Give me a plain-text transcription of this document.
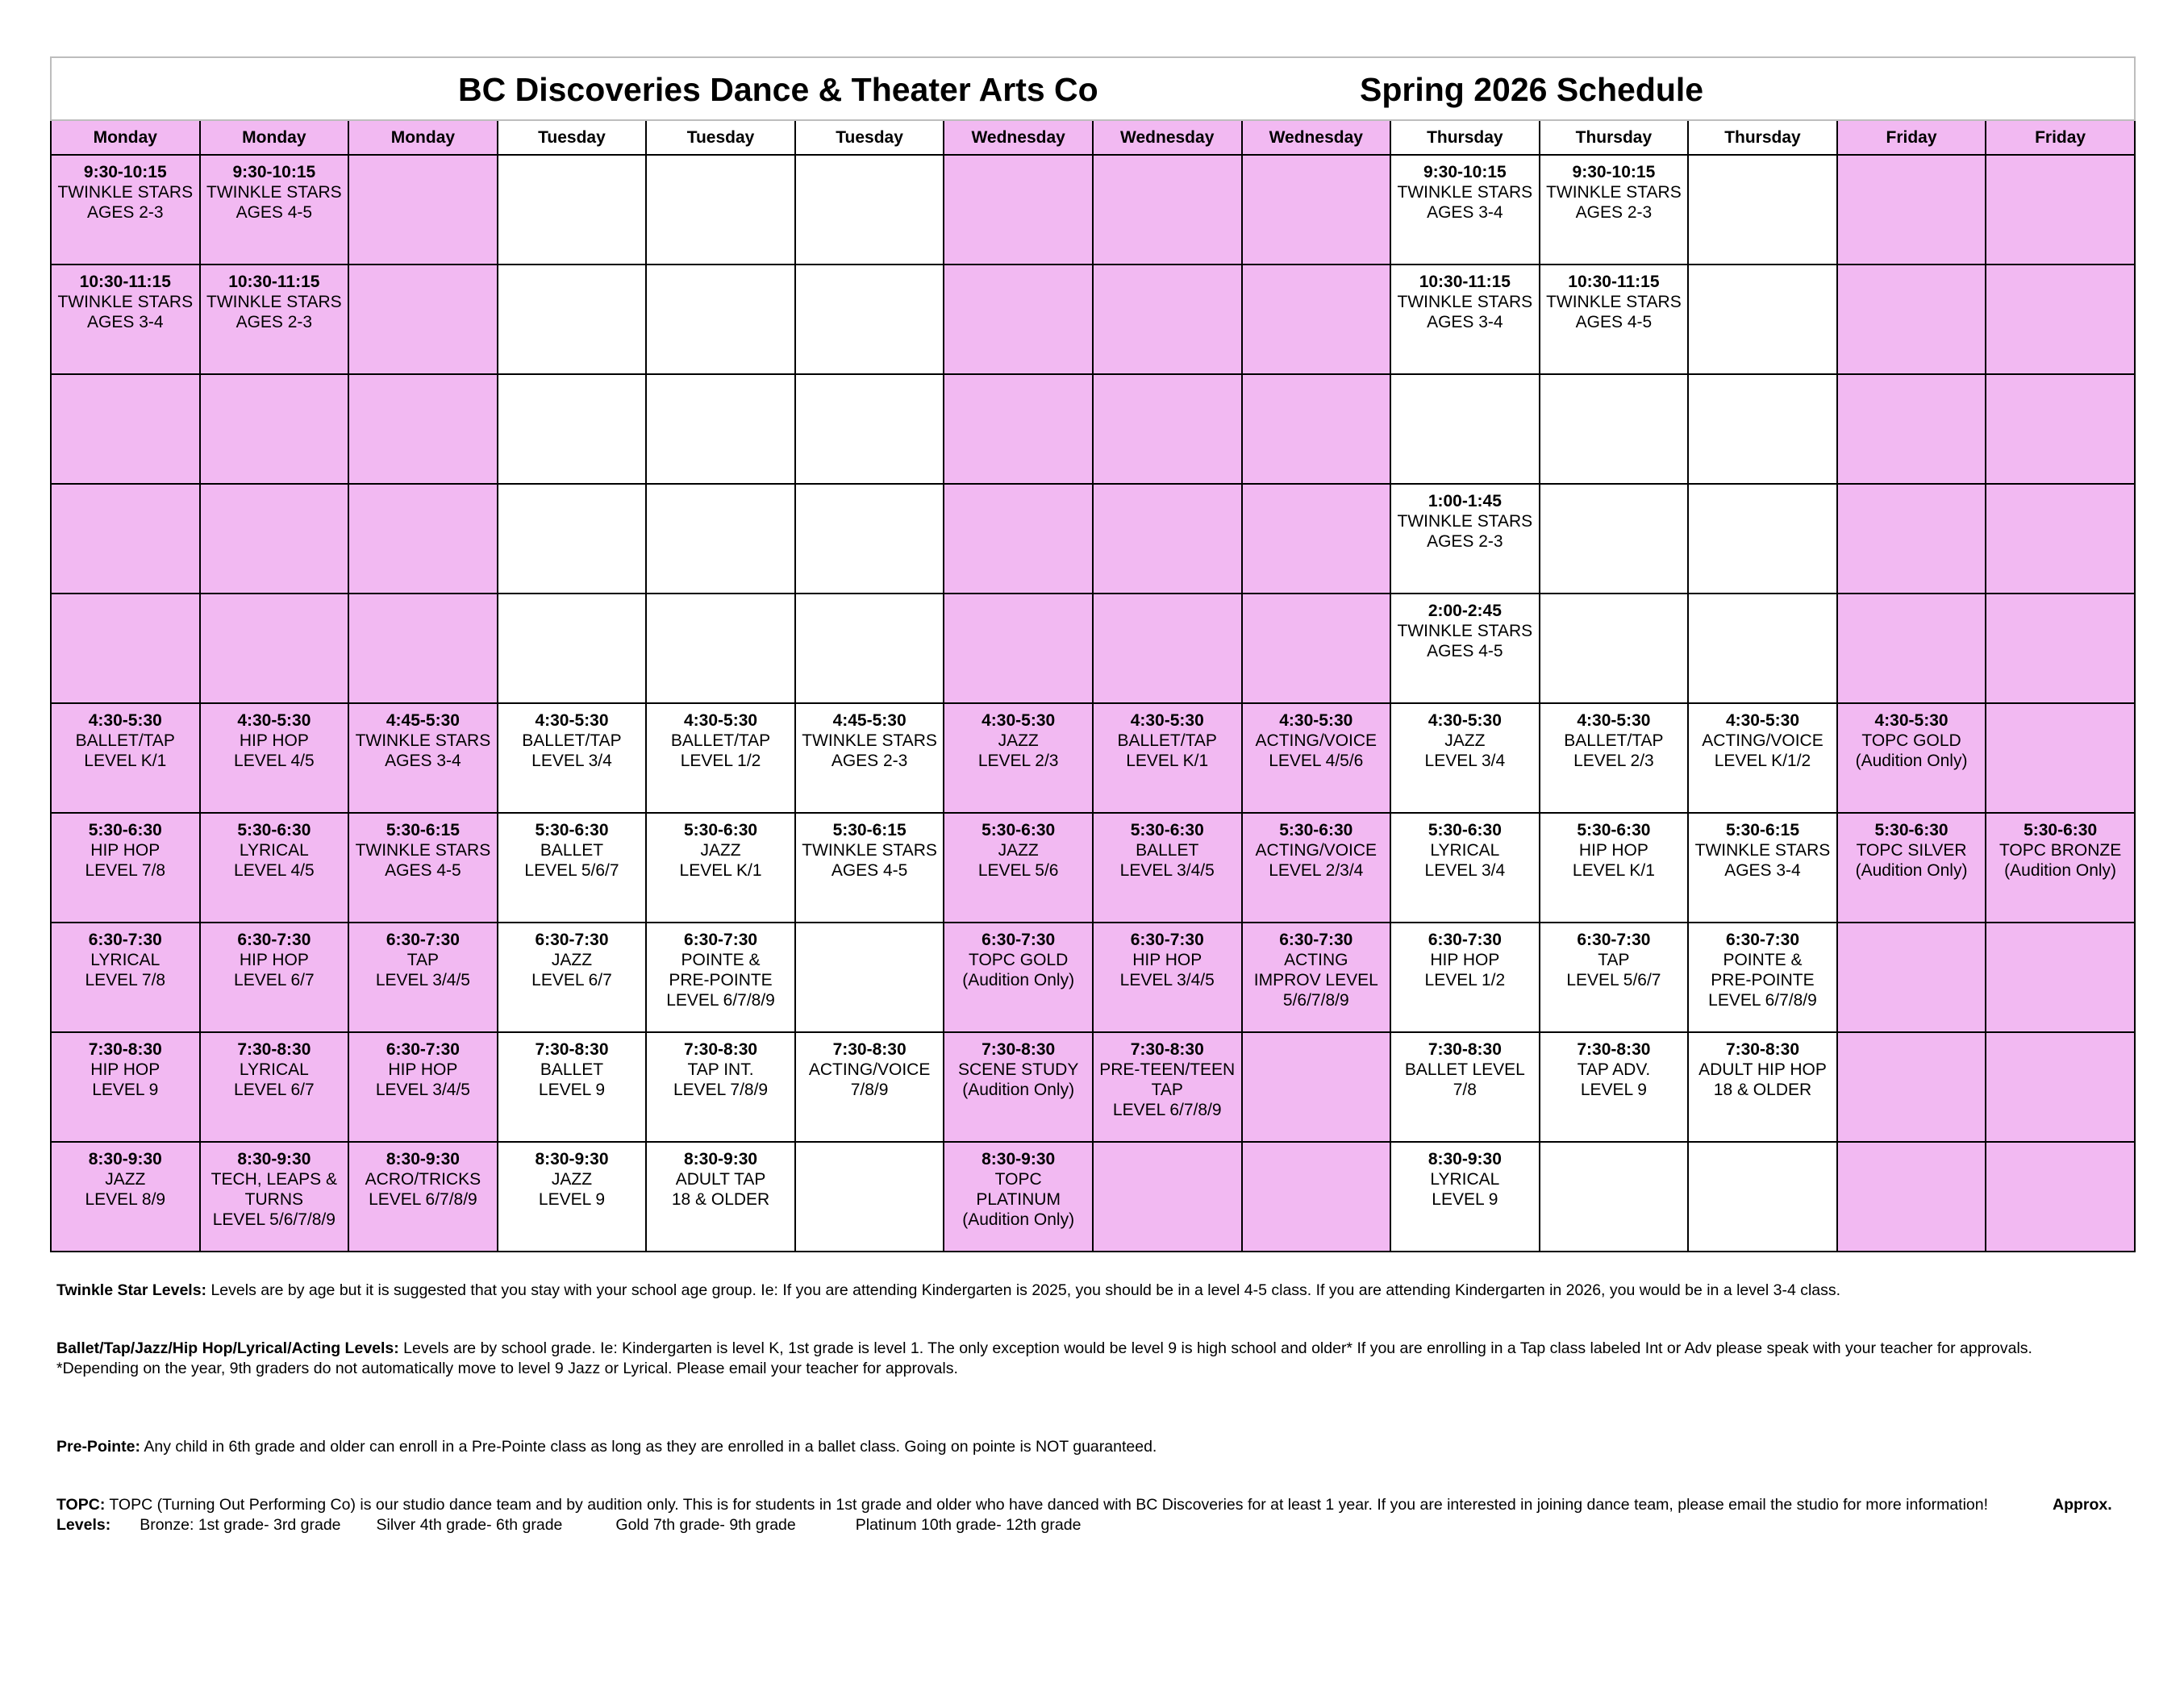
BC Discoveries Dance & Theater Arts Co Spring 2026 Schedule													

Monday	Monday	Monday	Tuesday	Tuesday	Tuesday	Wednesday	Wednesday	Wednesday	Thursday	Thursday	Thursday	Friday	Friday

9:30-10:15
TWINKLE STARS
AGES 2-3	9:30-10:15
TWINKLE STARS
AGES 4-5								9:30-10:15
TWINKLE STARS
AGES 3-4	9:30-10:15
TWINKLE STARS
AGES 2-3			

10:30-11:15
TWINKLE STARS
AGES 3-4	10:30-11:15
TWINKLE STARS
AGES 2-3								10:30-11:15
TWINKLE STARS
AGES 3-4	10:30-11:15
TWINKLE STARS
AGES 4-5			

									1:00-1:45
TWINKLE STARS
AGES 2-3				

									2:00-2:45
TWINKLE STARS
AGES 4-5				

4:30-5:30
BALLET/TAP
LEVEL K/1	4:30-5:30
HIP HOP
LEVEL 4/5	4:45-5:30
TWINKLE STARS
AGES 3-4	4:30-5:30
BALLET/TAP
LEVEL 3/4	4:30-5:30
BALLET/TAP
LEVEL 1/2	4:45-5:30
TWINKLE STARS
AGES 2-3	4:30-5:30
JAZZ
LEVEL 2/3	4:30-5:30
BALLET/TAP
LEVEL K/1	4:30-5:30
ACTING/VOICE
LEVEL 4/5/6	4:30-5:30
JAZZ
LEVEL 3/4	4:30-5:30
BALLET/TAP
LEVEL 2/3	4:30-5:30
ACTING/VOICE
LEVEL K/1/2	4:30-5:30
TOPC GOLD
(Audition Only)	

5:30-6:30
HIP HOP
LEVEL 7/8	5:30-6:30
LYRICAL
LEVEL 4/5	5:30-6:15
TWINKLE STARS
AGES 4-5	5:30-6:30
BALLET
LEVEL 5/6/7	5:30-6:30
JAZZ
LEVEL K/1	5:30-6:15
TWINKLE STARS
AGES 4-5	5:30-6:30
JAZZ
LEVEL 5/6	5:30-6:30
BALLET
LEVEL 3/4/5	5:30-6:30
ACTING/VOICE
LEVEL 2/3/4	5:30-6:30
LYRICAL
LEVEL 3/4	5:30-6:30
HIP HOP
LEVEL K/1	5:30-6:15
TWINKLE STARS
AGES 3-4	5:30-6:30
TOPC SILVER
(Audition Only)	5:30-6:30
TOPC BRONZE
(Audition Only)

6:30-7:30
LYRICAL
LEVEL 7/8	6:30-7:30
HIP HOP
LEVEL 6/7	6:30-7:30
TAP
LEVEL 3/4/5	6:30-7:30
JAZZ
LEVEL 6/7	6:30-7:30
POINTE &
PRE-POINTE
LEVEL 6/7/8/9		6:30-7:30
TOPC GOLD
(Audition Only)	6:30-7:30
HIP HOP
LEVEL 3/4/5	6:30-7:30
ACTING
IMPROV LEVEL
5/6/7/8/9	6:30-7:30
HIP HOP
LEVEL 1/2	6:30-7:30
TAP
LEVEL 5/6/7	6:30-7:30
POINTE &
PRE-POINTE
LEVEL 6/7/8/9		

7:30-8:30
HIP HOP
LEVEL 9	7:30-8:30
LYRICAL
LEVEL 6/7	6:30-7:30
HIP HOP
LEVEL 3/4/5	7:30-8:30
BALLET
LEVEL 9	7:30-8:30
TAP INT.
LEVEL 7/8/9	7:30-8:30
ACTING/VOICE
7/8/9	7:30-8:30
SCENE STUDY
(Audition Only)	7:30-8:30
PRE-TEEN/TEEN
TAP
LEVEL 6/7/8/9		7:30-8:30
BALLET LEVEL
7/8	7:30-8:30
TAP ADV.
LEVEL 9	7:30-8:30
ADULT HIP HOP
18 & OLDER		

8:30-9:30
JAZZ
LEVEL 8/9	8:30-9:30
TECH, LEAPS &
TURNS
LEVEL 5/6/7/8/9	8:30-9:30
ACRO/TRICKS
LEVEL 6/7/8/9	8:30-9:30
JAZZ
LEVEL 9	8:30-9:30
ADULT TAP
18 & OLDER		8:30-9:30
TOPC
PLATINUM
(Audition Only)			8:30-9:30
LYRICAL
LEVEL 9				

Twinkle Star Levels: Levels are by age but it is suggested that you stay with your school age group. Ie: If you are attending Kindergarten is 2025, you should be in a level 4-5 class. If you are attending Kindergarten in 2026, you would be in a level 3-4 class.

Ballet/Tap/Jazz/Hip Hop/Lyrical/Acting Levels: Levels are by school grade. Ie: Kindergarten is level K, 1st grade is level 1. The only exception would be level 9 is high school and older* If you are enrolling in a Tap class labeled Int or Adv please speak with your teacher for approvals.

*Depending on the year, 9th graders do not automatically move to level 9 Jazz or Lyrical. Please email your teacher for approvals.

Pre-Pointe: Any child in 6th grade and older can enroll in a Pre-Pointe class as long as they are enrolled in a ballet class. Going on pointe is NOT guaranteed.

TOPC: TOPC (Turning Out Performing Co) is our studio dance team and by audition only. This is for students in 1st grade and older who have danced with BC Discoveries for at least 1 year. If you are interested in joining dance team, please email the studio for more information!	Approx. Levels: Bronze: 1st grade- 3rd grade Silver 4th grade- 6th grade	Gold 7th grade- 9th grade	Platinum 10th grade- 12th grade
